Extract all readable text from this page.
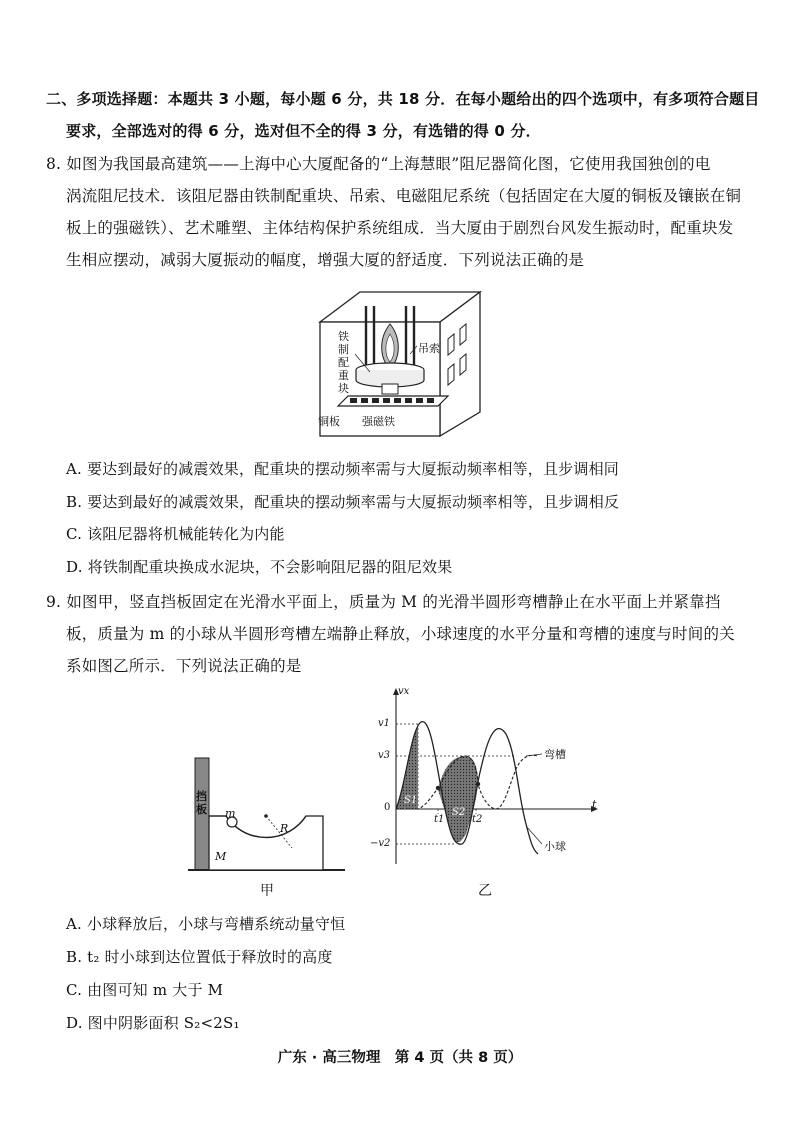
二、多项选择题：本题共 3 小题，每小题 6 分，共 18 分．在每小题给出的四个选项中，有多项符合题目
要求，全部选对的得 6 分，选对但不全的得 3 分，有选错的得 0 分．
8. 如图为我国最高建筑——上海中心大厦配备的“上海慧眼”阻尼器简化图，它使用我国独创的电
涡流阻尼技术．该阻尼器由铁制配重块、吊索、电磁阻尼系统（包括固定在大厦的铜板及镶嵌在铜
板上的强磁铁）、艺术雕塑、主体结构保护系统组成．当大厦由于剧烈台风发生振动时，配重块发
生相应摆动，减弱大厦振动的幅度，增强大厦的舒适度．下列说法正确的是
铁制配重块
吊索
铜板 强磁铁
A. 要达到最好的减震效果，配重块的摆动频率需与大厦振动频率相等，且步调相同
B. 要达到最好的减震效果，配重块的摆动频率需与大厦振动频率相等，且步调相反
C. 该阻尼器将机械能转化为内能
D. 将铁制配重块换成水泥块，不会影响阻尼器的阻尼效果
9. 如图甲，竖直挡板固定在光滑水平面上，质量为 M 的光滑半圆形弯槽静止在水平面上并紧靠挡
板，质量为 m 的小球从半圆形弯槽左端静止释放，小球速度的水平分量和弯槽的速度与时间的关
系如图乙所示．下列说法正确的是
挡板 m
R
M
甲
vx
t
v1
v3
0
−v2
t1	t2
S1
S2
弯槽
小球
乙
A. 小球释放后，小球与弯槽系统动量守恒
B. t₂ 时小球到达位置低于释放时的高度
C. 由图可知 m 大于 M
D. 图中阴影面积 S₂<2S₁
广东 · 高三物理　第 4 页（共 8 页）
